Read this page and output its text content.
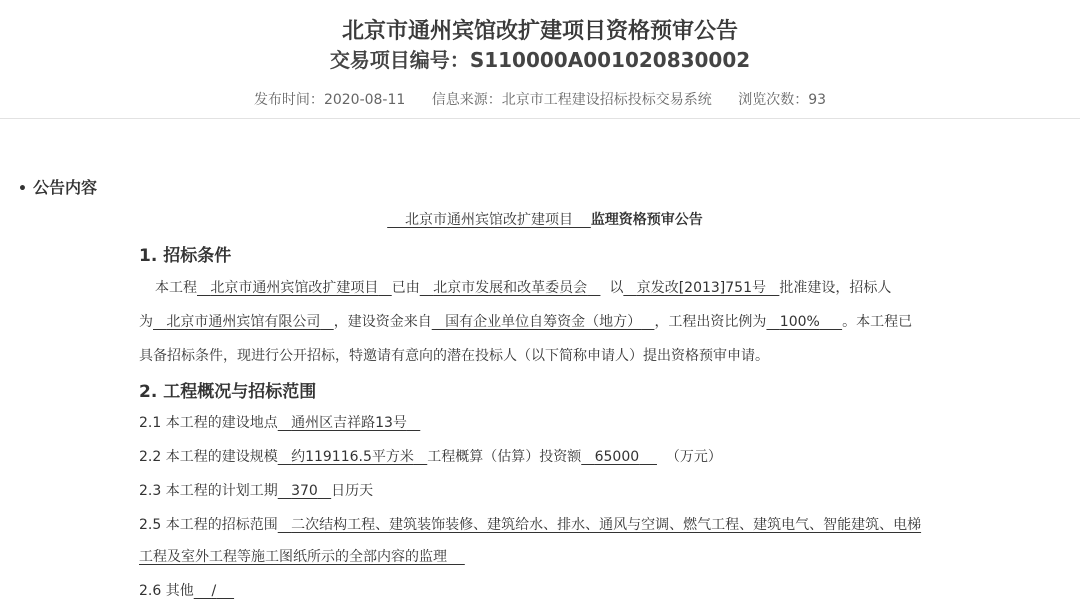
北京市通州宾馆改扩建项目资格预审公告
交易项目编号：S110000A001020830002
发布时间：2020-08-11 信息来源：北京市工程建设招标投标交易系统 浏览次数：93
• 公告内容
北京市通州宾馆改扩建项目 监理资格预审公告
1. 招标条件
本工程 北京市通州宾馆改扩建项目 已由 北京市发展和改革委员会 以 京发改[2013]751号 批准建设，招标人
为 北京市通州宾馆有限公司 ，建设资金来自 国有企业单位自筹资金（地方） ，工程出资比例为 100% 。本工程已
具备招标条件，现进行公开招标，特邀请有意向的潜在投标人（以下简称申请人）提出资格预审申请。
2. 工程概况与招标范围
2.1 本工程的建设地点 通州区吉祥路13号
2.2 本工程的建设规模 约119116.5平方米 工程概算（估算）投资额 65000 （万元）
2.3 本工程的计划工期 370 日历天
2.5 本工程的招标范围 二次结构工程、建筑装饰装修、建筑给水、排水、通风与空调、燃气工程、建筑电气、智能建筑、电梯
工程及室外工程等施工图纸所示的全部内容的监理
2.6 其他 /
